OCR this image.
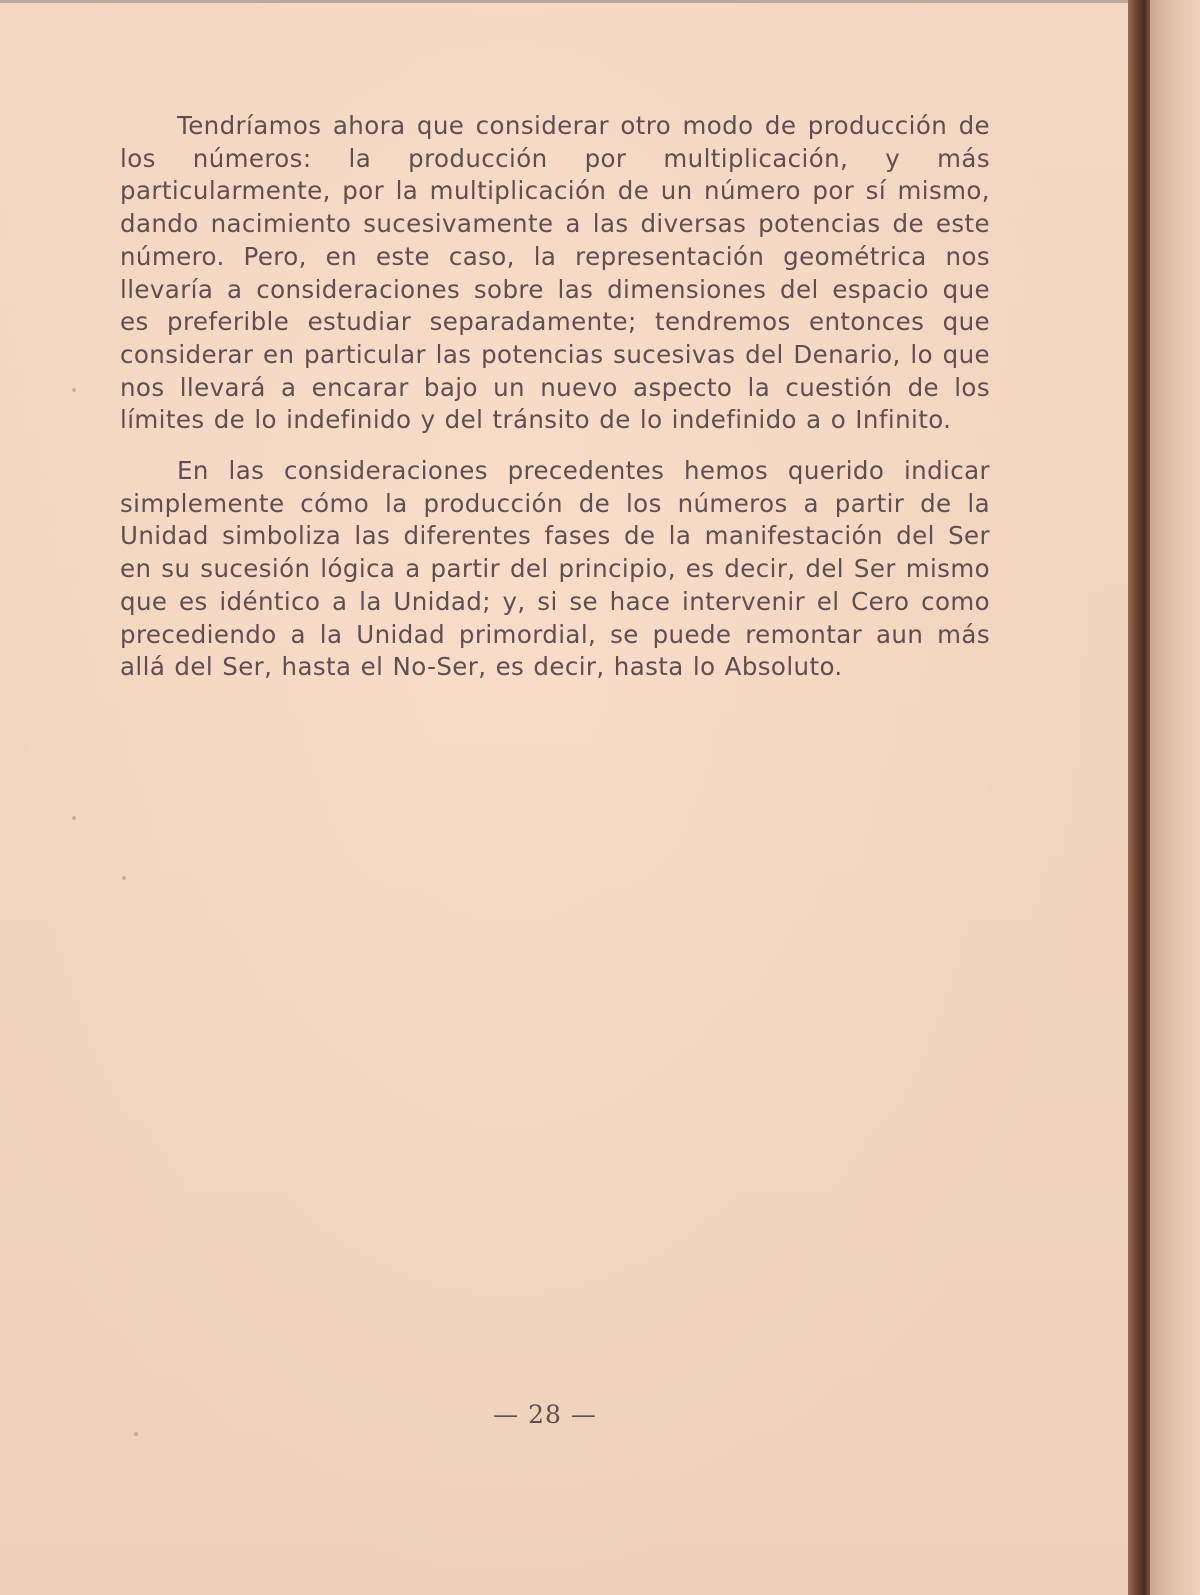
Tendríamos ahora que considerar otro modo de producción de los números: la producción por multiplicación, y más particularmente, por la multiplicación de un número por sí mismo, dando nacimiento sucesivamente a las diversas potencias de este número. Pero, en este caso, la representación geométrica nos llevaría a consideraciones sobre las dimensiones del espacio que es preferible estudiar separadamente; tendremos entonces que considerar en particular las potencias sucesivas del Denario, lo que nos llevará a encarar bajo un nuevo aspecto la cuestión de los límites de lo indefinido y del tránsito de lo indefinido a o Infinito.

En las consideraciones precedentes hemos querido indicar simplemente cómo la producción de los números a partir de la Unidad simboliza las diferentes fases de la manifestación del Ser en su sucesión lógica a partir del principio, es decir, del Ser mismo que es idéntico a la Unidad; y, si se hace intervenir el Cero como precediendo a la Unidad primordial, se puede remontar aun más allá del Ser, hasta el No-Ser, es decir, hasta lo Absoluto.

— 28 —
